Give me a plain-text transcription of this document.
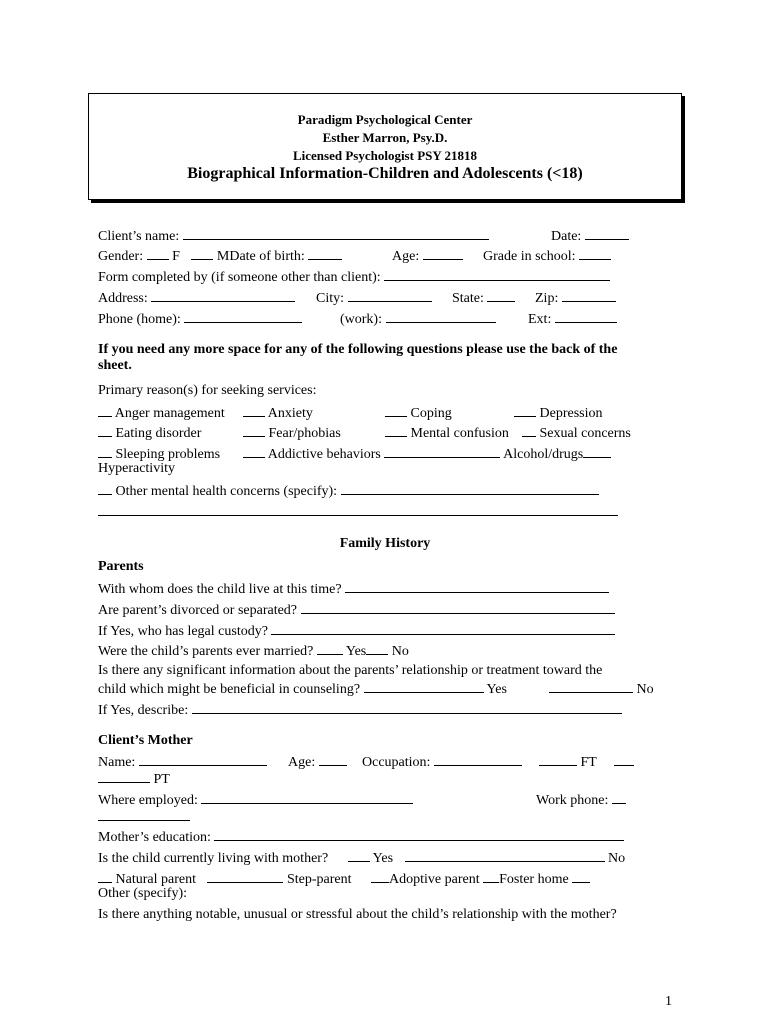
Paradigm Psychological Center
Esther Marron, Psy.D.
Licensed Psychologist PSY 21818
Biographical Information-Children and Adolescents (<18)
Client’s name:	Date:
Gender: F	MDate of birth:	Age:	Grade in school:
Form completed by (if someone other than client):
Address:	City:	State:	Zip:
Phone (home):	(work):	Ext:
If you need any more space for any of the following questions please use the back of the
sheet.
Primary reason(s) for seeking services:
Anger management	Anxiety	Coping	Depression
Eating disorder	Fear/phobias	Mental confusion	Sexual concerns
Sleeping problems	Addictive behaviors	Alcohol/drugs
Hyperactivity
Other mental health concerns (specify):
Family History
Parents
With whom does the child live at this time?
Are parent’s divorced or separated?
If Yes, who has legal custody?
Were the child’s parents ever married? Yes No
Is there any significant information about the parents’ relationship or treatment toward the
child which might be beneficial in counseling?	Yes	No
If Yes, describe:
Client’s Mother
Name:	Age:	Occupation:	FT
PT
Where employed:	Work phone:
Mother’s education:
Is the child currently living with mother?	Yes	No
Natural parent	Step-parent	Adoptive parent Foster home
Other (specify):
Is there anything notable, unusual or stressful about the child’s relationship with the mother?
1
